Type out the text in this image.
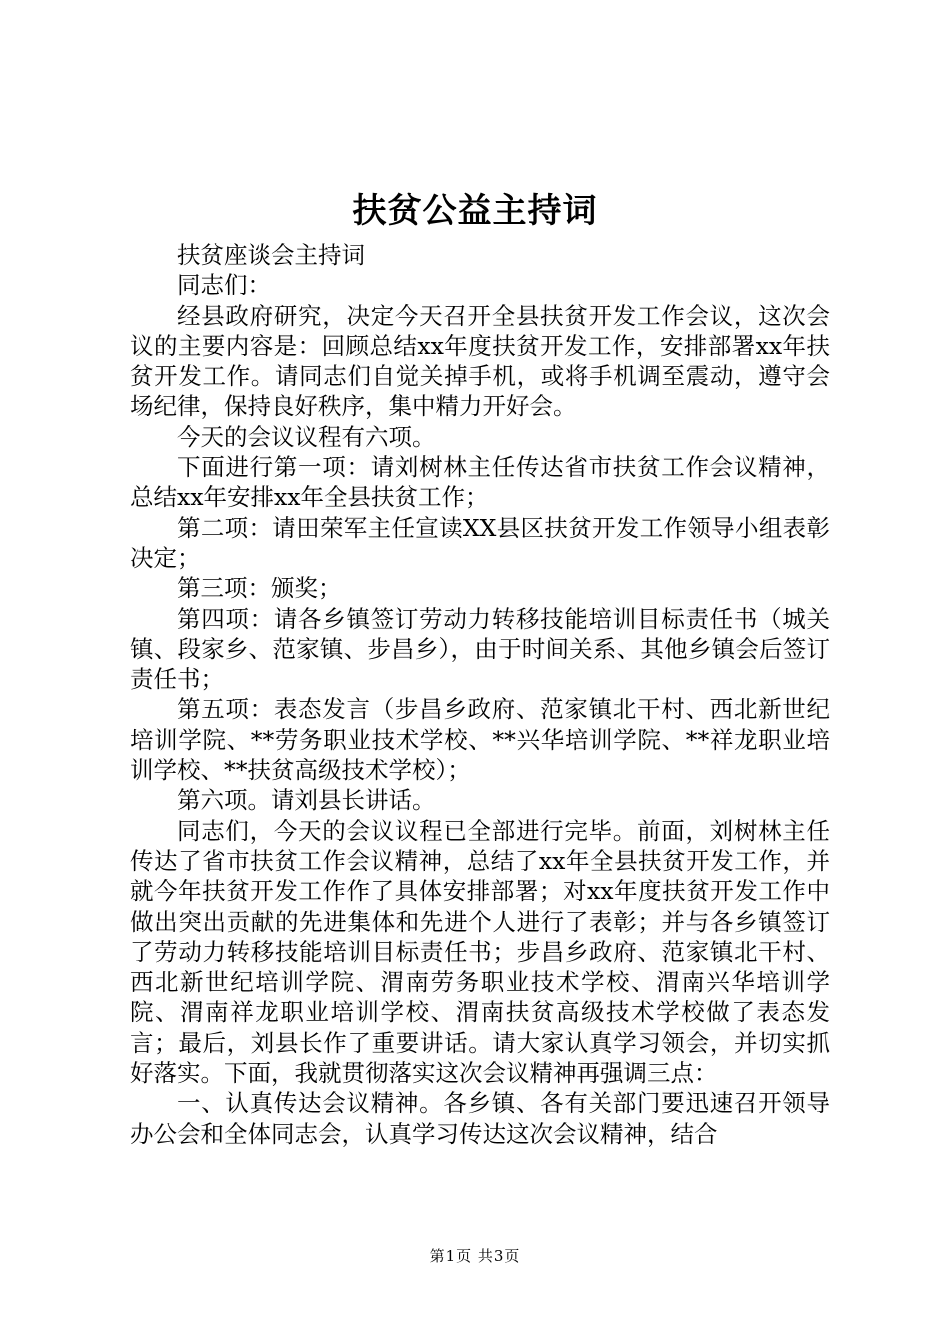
扶贫公益主持词

扶贫座谈会主持词

同志们：

经县政府研究，决定今天召开全县扶贫开发工作会议，这次会议的主要内容是：回顾总结xx年度扶贫开发工作，安排部署xx年扶贫开发工作。请同志们自觉关掉手机，或将手机调至震动，遵守会场纪律，保持良好秩序，集中精力开好会。

今天的会议议程有六项。

下面进行第一项：请刘树林主任传达省市扶贫工作会议精神，总结xx年安排xx年全县扶贫工作；

第二项：请田荣军主任宣读XX县区扶贫开发工作领导小组表彰决定；

第三项：颁奖；

第四项：请各乡镇签订劳动力转移技能培训目标责任书（城关镇、段家乡、范家镇、步昌乡），由于时间关系、其他乡镇会后签订责任书；

第五项：表态发言（步昌乡政府、范家镇北干村、西北新世纪培训学院、**劳务职业技术学校、**兴华培训学院、**祥龙职业培训学校、**扶贫高级技术学校）；

第六项。请刘县长讲话。

同志们，今天的会议议程已全部进行完毕。前面，刘树林主任传达了省市扶贫工作会议精神，总结了xx年全县扶贫开发工作，并就今年扶贫开发工作作了具体安排部署；对xx年度扶贫开发工作中做出突出贡献的先进集体和先进个人进行了表彰；并与各乡镇签订了劳动力转移技能培训目标责任书；步昌乡政府、范家镇北干村、西北新世纪培训学院、渭南劳务职业技术学校、渭南兴华培训学院、渭南祥龙职业培训学校、渭南扶贫高级技术学校做了表态发言；最后，刘县长作了重要讲话。请大家认真学习领会，并切实抓好落实。下面，我就贯彻落实这次会议精神再强调三点：

一、认真传达会议精神。各乡镇、各有关部门要迅速召开领导办公会和全体同志会，认真学习传达这次会议精神，结合

第1页 共3页
